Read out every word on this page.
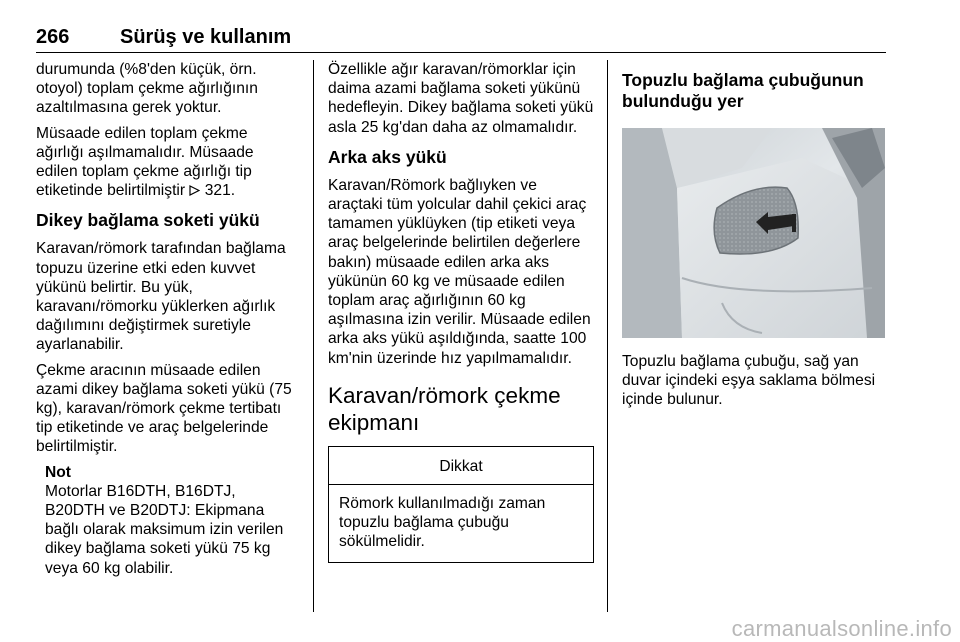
266	Sürüş ve kullanım

durumunda (%8'den küçük, örn. otoyol) toplam çekme ağırlığının azaltılmasına gerek yoktur.

Müsaade edilen toplam çekme ağırlığı aşılmamalıdır. Müsaade edilen toplam çekme ağırlığı tip etiketinde belirtilmiştir 321.

Dikey bağlama soketi yükü

Karavan/römork tarafından bağlama topuzu üzerine etki eden kuvvet yükünü belirtir. Bu yük, karavanı/römorku yüklerken ağırlık dağılımını değiştirmek suretiyle ayarlanabilir.

Çekme aracının müsaade edilen azami dikey bağlama soketi yükü (75 kg), karavan/römork çekme tertibatı tip etiketinde ve araç belgelerinde belirtilmiştir.

Not
Motorlar B16DTH, B16DTJ, B20DTH ve B20DTJ: Ekipmana bağlı olarak maksimum izin verilen dikey bağlama soketi yükü 75 kg veya 60 kg olabilir.

Özellikle ağır karavan/römorklar için daima azami bağlama soketi yükünü hedefleyin. Dikey bağlama soketi yükü asla 25 kg'dan daha az olmamalıdır.

Arka aks yükü

Karavan/Römork bağlıyken ve araçtaki tüm yolcular dahil çekici araç tamamen yüklüyken (tip etiketi veya araç belgelerinde belirtilen değerlere bakın) müsaade edilen arka aks yükünün 60 kg ve müsaade edilen toplam araç ağırlığının 60 kg aşılmasına izin verilir. Müsaade edilen arka aks yükü aşıldığında, saatte 100 km'nin üzerinde hız yapılmamalıdır.

Karavan/römork çekme ekipmanı
Dikkat
Römork kullanılmadığı zaman topuzlu bağlama çubuğu sökülmelidir.
Topuzlu bağlama çubuğunun bulunduğu yer

Topuzlu bağlama çubuğu, sağ yan duvar içindeki eşya saklama bölmesi içinde bulunur.

carmanualsonline.info
